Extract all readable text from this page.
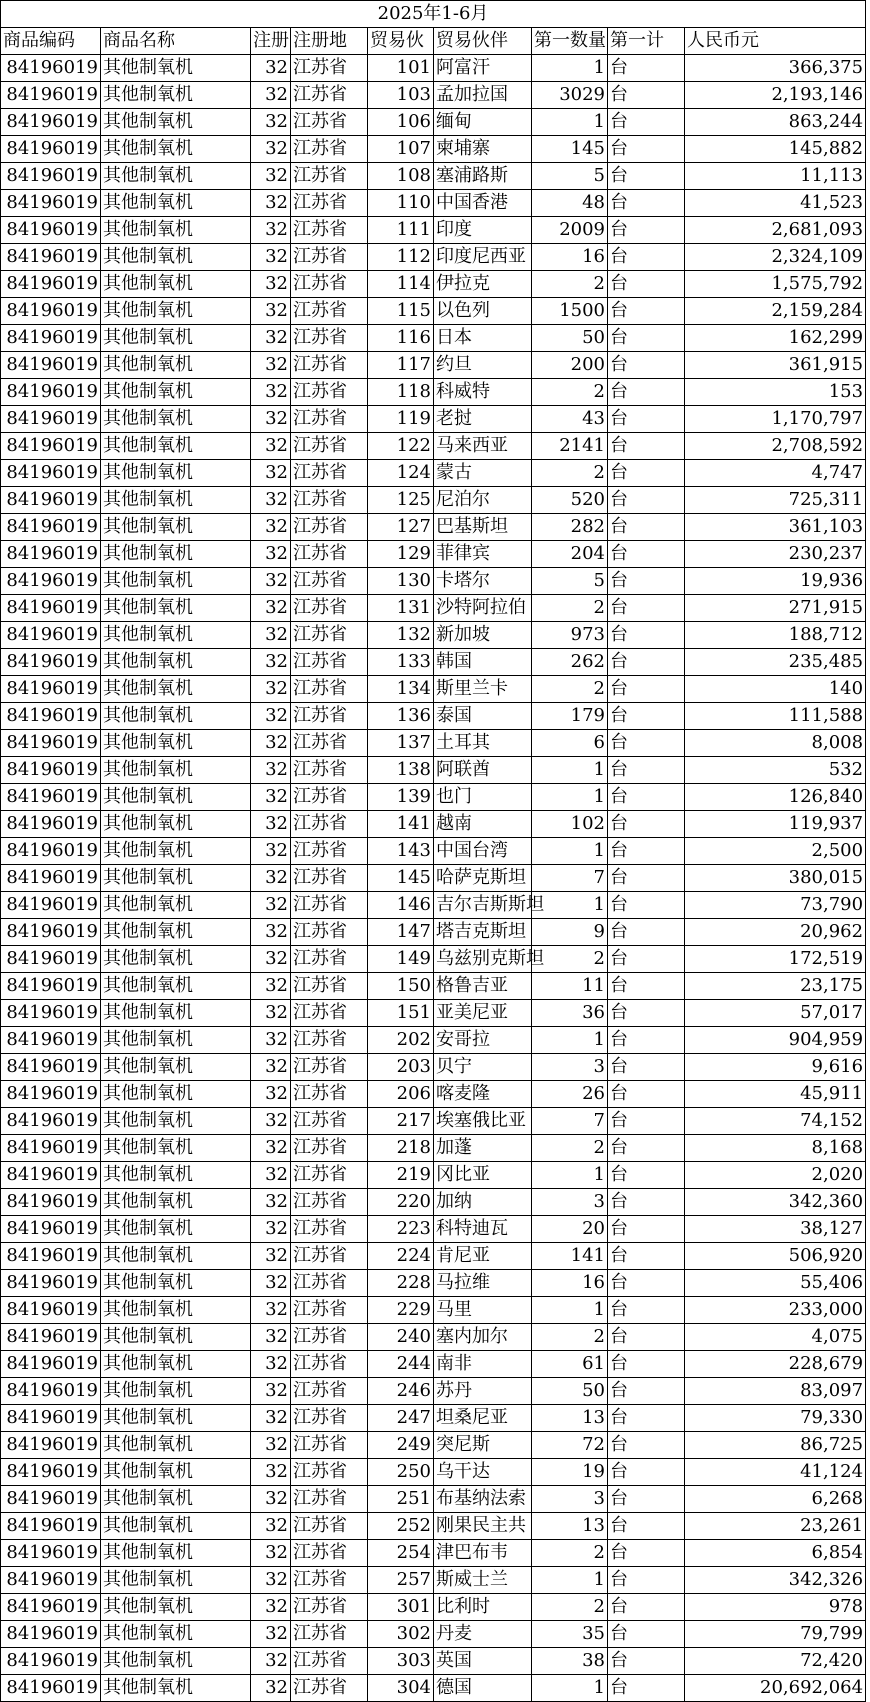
2025年1-6月								
商品编码	商品名称	注册	注册地	贸易伙	贸易伙伴	第一数量	第一计	人民币元
84196019	其他制氧机	32	江苏省	101	阿富汗	1	台	366,375
84196019	其他制氧机	32	江苏省	103	孟加拉国	3029	台	2,193,146
84196019	其他制氧机	32	江苏省	106	缅甸	1	台	863,244
84196019	其他制氧机	32	江苏省	107	柬埔寨	145	台	145,882
84196019	其他制氧机	32	江苏省	108	塞浦路斯	5	台	11,113
84196019	其他制氧机	32	江苏省	110	中国香港	48	台	41,523
84196019	其他制氧机	32	江苏省	111	印度	2009	台	2,681,093
84196019	其他制氧机	32	江苏省	112	印度尼西亚	16	台	2,324,109
84196019	其他制氧机	32	江苏省	114	伊拉克	2	台	1,575,792
84196019	其他制氧机	32	江苏省	115	以色列	1500	台	2,159,284
84196019	其他制氧机	32	江苏省	116	日本	50	台	162,299
84196019	其他制氧机	32	江苏省	117	约旦	200	台	361,915
84196019	其他制氧机	32	江苏省	118	科威特	2	台	153
84196019	其他制氧机	32	江苏省	119	老挝	43	台	1,170,797
84196019	其他制氧机	32	江苏省	122	马来西亚	2141	台	2,708,592
84196019	其他制氧机	32	江苏省	124	蒙古	2	台	4,747
84196019	其他制氧机	32	江苏省	125	尼泊尔	520	台	725,311
84196019	其他制氧机	32	江苏省	127	巴基斯坦	282	台	361,103
84196019	其他制氧机	32	江苏省	129	菲律宾	204	台	230,237
84196019	其他制氧机	32	江苏省	130	卡塔尔	5	台	19,936
84196019	其他制氧机	32	江苏省	131	沙特阿拉伯	2	台	271,915
84196019	其他制氧机	32	江苏省	132	新加坡	973	台	188,712
84196019	其他制氧机	32	江苏省	133	韩国	262	台	235,485
84196019	其他制氧机	32	江苏省	134	斯里兰卡	2	台	140
84196019	其他制氧机	32	江苏省	136	泰国	179	台	111,588
84196019	其他制氧机	32	江苏省	137	土耳其	6	台	8,008
84196019	其他制氧机	32	江苏省	138	阿联酋	1	台	532
84196019	其他制氧机	32	江苏省	139	也门	1	台	126,840
84196019	其他制氧机	32	江苏省	141	越南	102	台	119,937
84196019	其他制氧机	32	江苏省	143	中国台湾	1	台	2,500
84196019	其他制氧机	32	江苏省	145	哈萨克斯坦	7	台	380,015
84196019	其他制氧机	32	江苏省	146	吉尔吉斯斯坦	1	台	73,790
84196019	其他制氧机	32	江苏省	147	塔吉克斯坦	9	台	20,962
84196019	其他制氧机	32	江苏省	149	乌兹别克斯坦	2	台	172,519
84196019	其他制氧机	32	江苏省	150	格鲁吉亚	11	台	23,175
84196019	其他制氧机	32	江苏省	151	亚美尼亚	36	台	57,017
84196019	其他制氧机	32	江苏省	202	安哥拉	1	台	904,959
84196019	其他制氧机	32	江苏省	203	贝宁	3	台	9,616
84196019	其他制氧机	32	江苏省	206	喀麦隆	26	台	45,911
84196019	其他制氧机	32	江苏省	217	埃塞俄比亚	7	台	74,152
84196019	其他制氧机	32	江苏省	218	加蓬	2	台	8,168
84196019	其他制氧机	32	江苏省	219	冈比亚	1	台	2,020
84196019	其他制氧机	32	江苏省	220	加纳	3	台	342,360
84196019	其他制氧机	32	江苏省	223	科特迪瓦	20	台	38,127
84196019	其他制氧机	32	江苏省	224	肯尼亚	141	台	506,920
84196019	其他制氧机	32	江苏省	228	马拉维	16	台	55,406
84196019	其他制氧机	32	江苏省	229	马里	1	台	233,000
84196019	其他制氧机	32	江苏省	240	塞内加尔	2	台	4,075
84196019	其他制氧机	32	江苏省	244	南非	61	台	228,679
84196019	其他制氧机	32	江苏省	246	苏丹	50	台	83,097
84196019	其他制氧机	32	江苏省	247	坦桑尼亚	13	台	79,330
84196019	其他制氧机	32	江苏省	249	突尼斯	72	台	86,725
84196019	其他制氧机	32	江苏省	250	乌干达	19	台	41,124
84196019	其他制氧机	32	江苏省	251	布基纳法索	3	台	6,268
84196019	其他制氧机	32	江苏省	252	刚果民主共	13	台	23,261
84196019	其他制氧机	32	江苏省	254	津巴布韦	2	台	6,854
84196019	其他制氧机	32	江苏省	257	斯威士兰	1	台	342,326
84196019	其他制氧机	32	江苏省	301	比利时	2	台	978
84196019	其他制氧机	32	江苏省	302	丹麦	35	台	79,799
84196019	其他制氧机	32	江苏省	303	英国	38	台	72,420
84196019	其他制氧机	32	江苏省	304	德国	1	台	20,692,064
